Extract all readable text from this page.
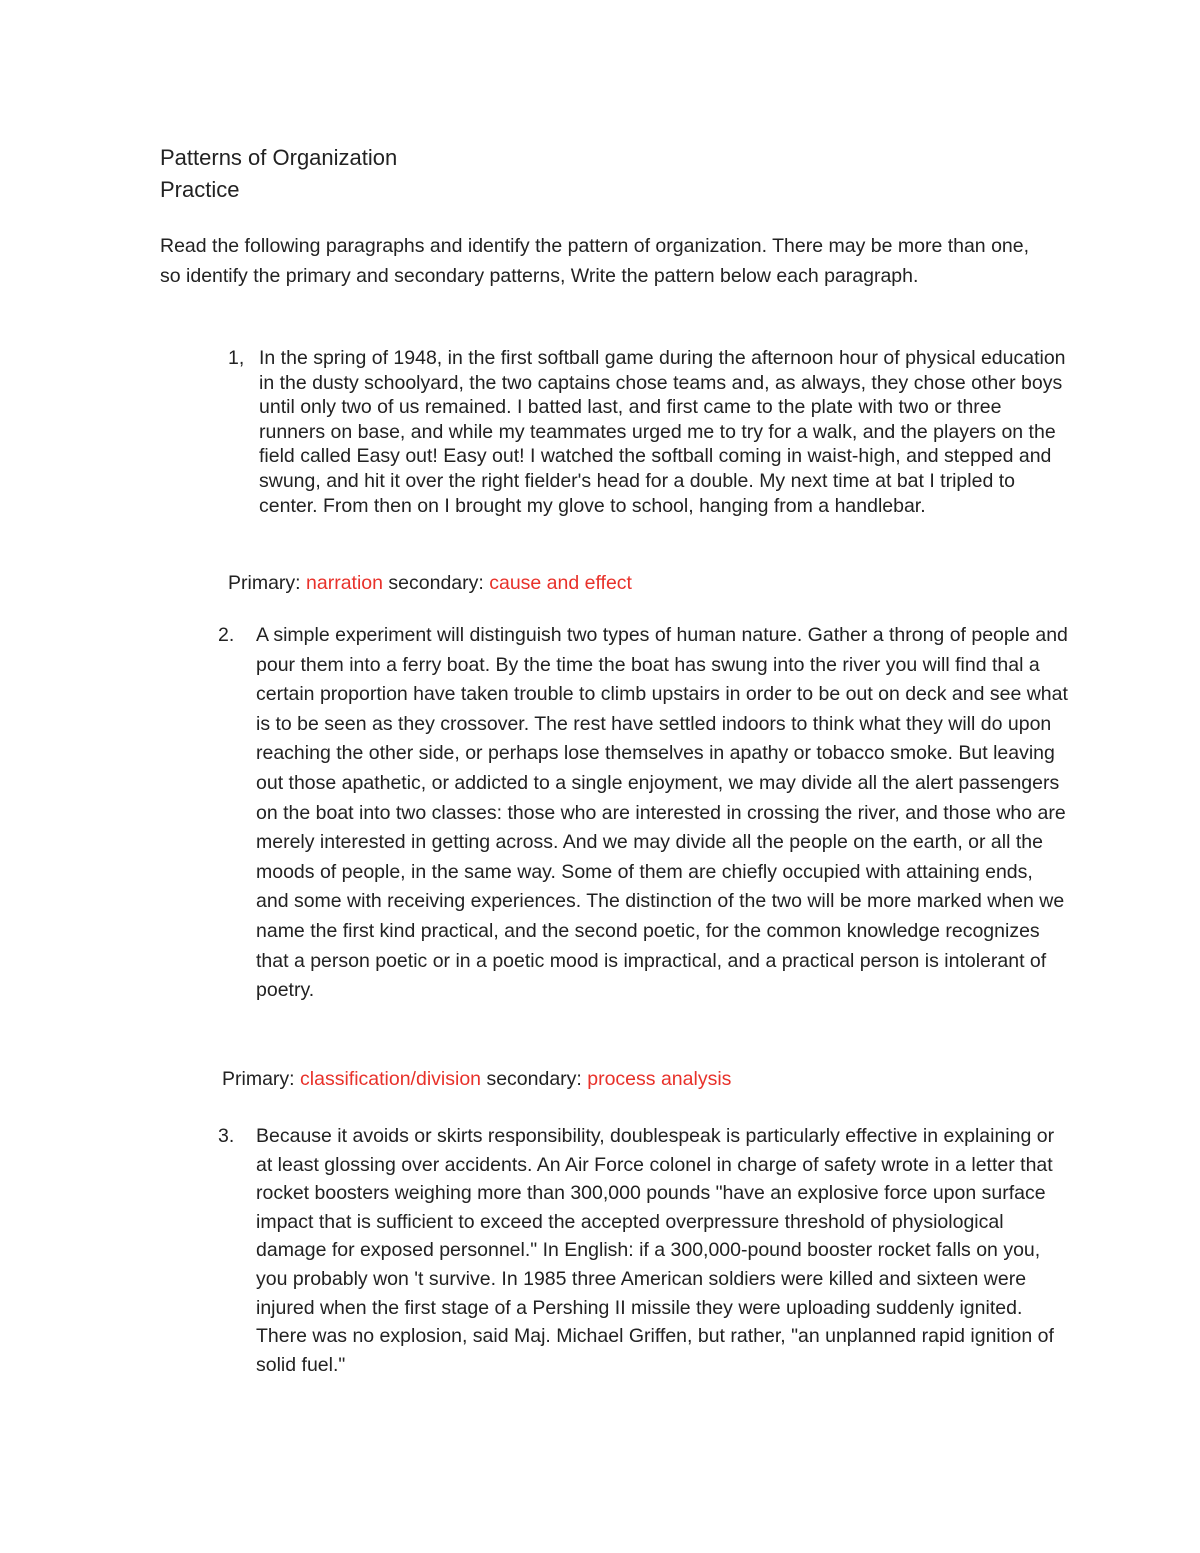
Patterns of Organization
Practice

Read the following paragraphs and identify the pattern of organization. There may be more than one, so identify the primary and secondary patterns, Write the pattern below each paragraph.

1, In the spring of 1948, in the first softball game during the afternoon hour of physical education in the dusty schoolyard, the two captains chose teams and, as always, they chose other boys until only two of us remained. I batted last, and first came to the plate with two or three runners on base, and while my teammates urged me to try for a walk, and the players on the field called Easy out! Easy out! I watched the softball coming in waist-high, and stepped and swung, and hit it over the right fielder's head for a double. My next time at bat I tripled to center. From then on I brought my glove to school, hanging from a handlebar.

Primary: narration secondary: cause and effect

2.	A simple experiment will distinguish two types of human nature. Gather a throng of people and pour them into a ferry boat. By the time the boat has swung into the river you will find thal a certain proportion have taken trouble to climb upstairs in order to be out on deck and see what is to be seen as they crossover. The rest have settled indoors to think what they will do upon reaching the other side, or perhaps lose themselves in apathy or tobacco smoke. But leaving out those apathetic, or addicted to a single enjoyment, we may divide all the alert passengers on the boat into two classes: those who are interested in crossing the river, and those who are merely interested in getting across. And we may divide all the people on the earth, or all the moods of people, in the same way. Some of them are chiefly occupied with attaining ends, and some with receiving experiences. The distinction of the two will be more marked when we name the first kind practical, and the second poetic, for the common knowledge recognizes that a person poetic or in a poetic mood is impractical, and a practical person is intolerant of poetry.

Primary: classification/division secondary: process analysis

3.	Because it avoids or skirts responsibility, doublespeak is particularly effective in explaining or at least glossing over accidents. An Air Force colonel in charge of safety wrote in a letter that rocket boosters weighing more than 300,000 pounds "have an explosive force upon surface impact that is sufficient to exceed the accepted overpressure threshold of physiological damage for exposed personnel." In English: if a 300,000-pound booster rocket falls on you, you probably won 't survive. In 1985 three American soldiers were killed and sixteen were injured when the first stage of a Pershing II missile they were uploading suddenly ignited. There was no explosion, said Maj. Michael Griffen, but rather, "an unplanned rapid ignition of solid fuel."
